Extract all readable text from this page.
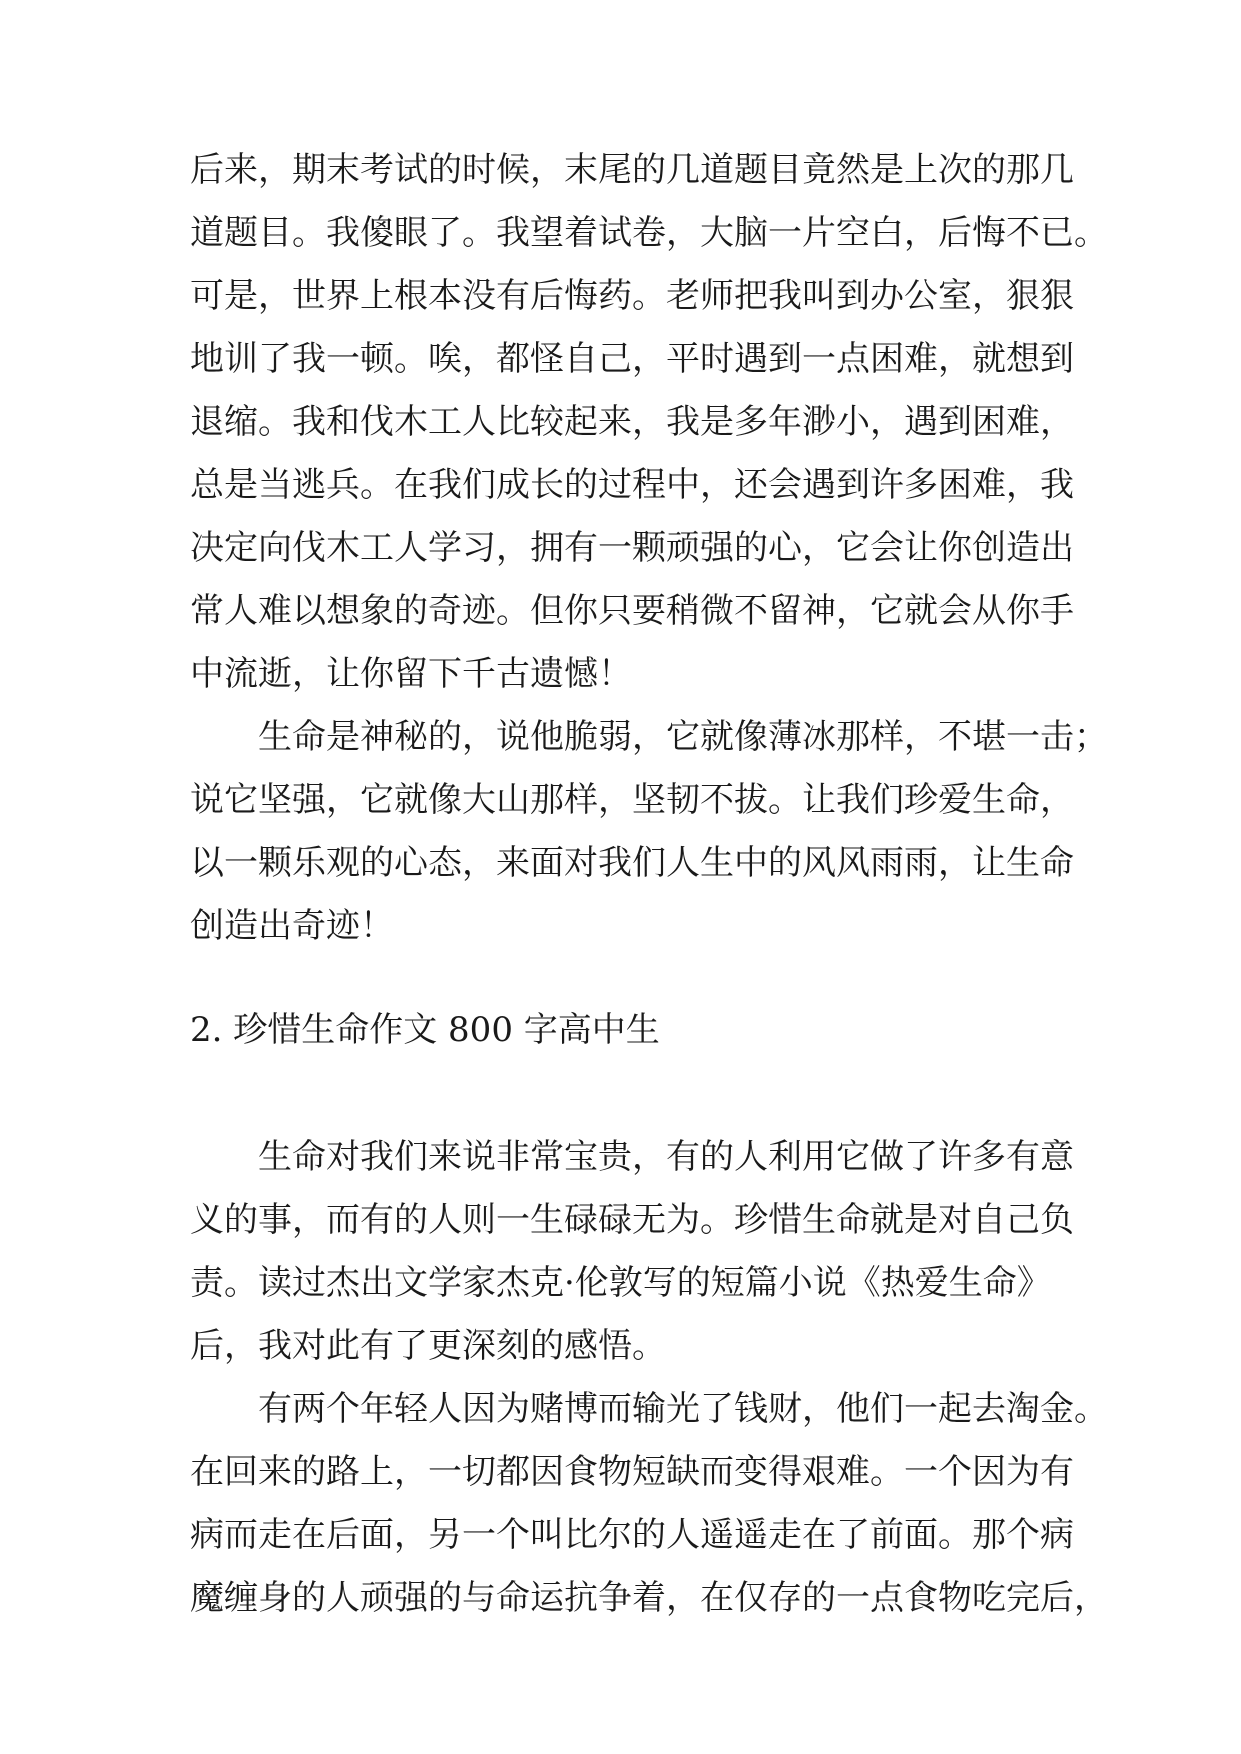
后来，期末考试的时候，末尾的几道题目竟然是上次的那几
道题目。我傻眼了。我望着试卷，大脑一片空白，后悔不已。
可是，世界上根本没有后悔药。老师把我叫到办公室，狠狠
地训了我一顿。唉，都怪自己，平时遇到一点困难，就想到
退缩。我和伐木工人比较起来，我是多年渺小，遇到困难，
总是当逃兵。在我们成长的过程中，还会遇到许多困难，我
决定向伐木工人学习，拥有一颗顽强的心，它会让你创造出
常人难以想象的奇迹。但你只要稍微不留神，它就会从你手
中流逝，让你留下千古遗憾！
生命是神秘的，说他脆弱，它就像薄冰那样，不堪一击；
说它坚强，它就像大山那样，坚韧不拔。让我们珍爱生命，
以一颗乐观的心态，来面对我们人生中的风风雨雨，让生命
创造出奇迹！
2. 珍惜生命作文 800 字高中生
生命对我们来说非常宝贵，有的人利用它做了许多有意
义的事，而有的人则一生碌碌无为。珍惜生命就是对自己负
责。读过杰出文学家杰克·伦敦写的短篇小说《热爱生命》
后，我对此有了更深刻的感悟。
有两个年轻人因为赌博而输光了钱财，他们一起去淘金。
在回来的路上，一切都因食物短缺而变得艰难。一个因为有
病而走在后面，另一个叫比尔的人遥遥走在了前面。那个病
魔缠身的人顽强的与命运抗争着，在仅存的一点食物吃完后，
